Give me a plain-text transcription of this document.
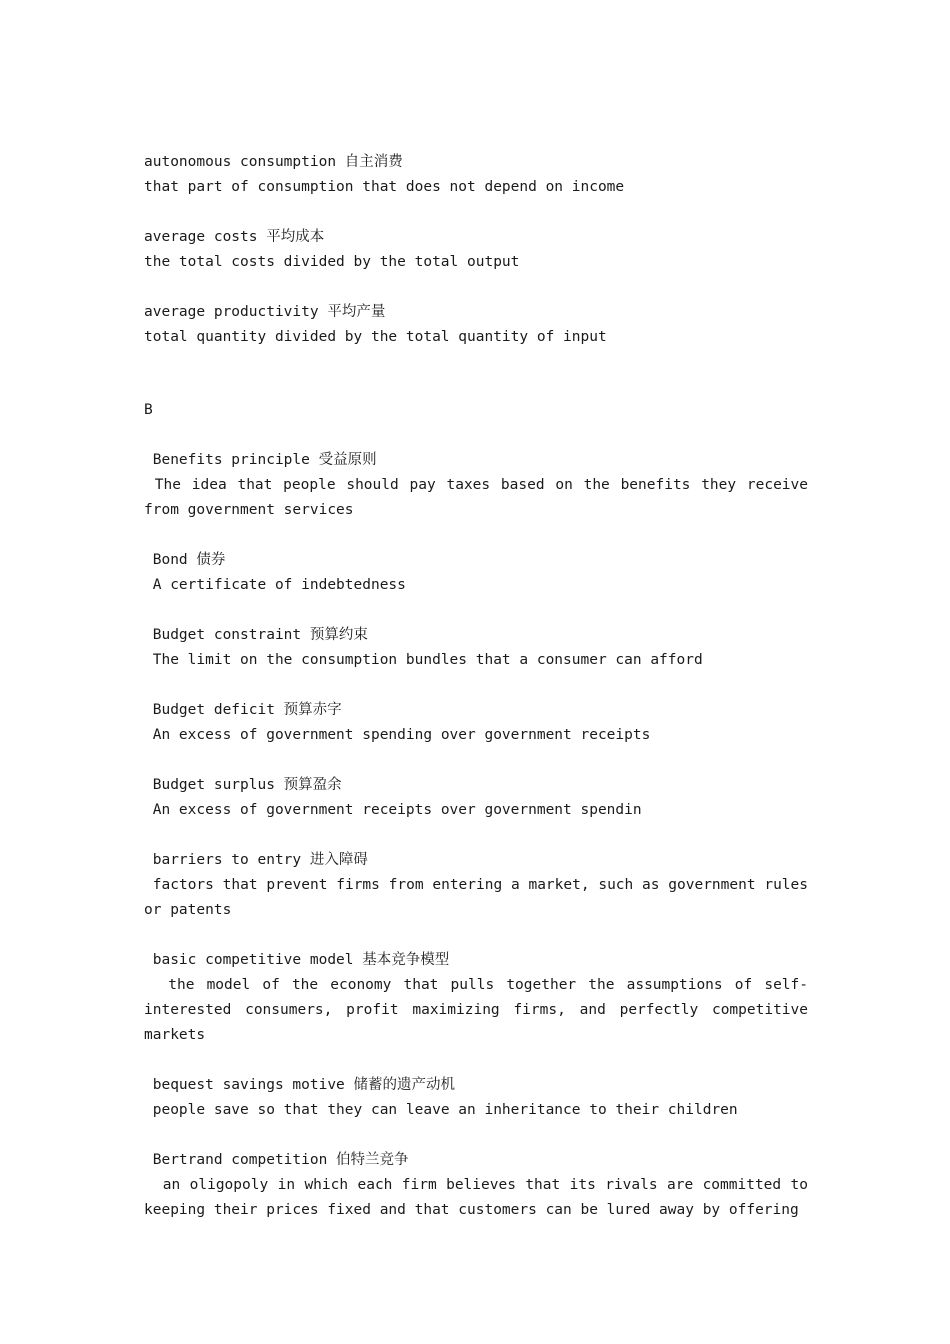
autonomous consumption 自主消费

that part of consumption that does not depend on income

average costs 平均成本

the total costs divided by the total output

average productivity 平均产量

total quantity divided by the total quantity of input

B

Benefits principle 受益原则

The idea that people should pay taxes based on the benefits they receive from government services

Bond 债券

A certificate of indebtedness

Budget constraint 预算约束

The limit on the consumption bundles that a consumer can afford

Budget deficit 预算赤字

An excess of government spending over government receipts

Budget surplus 预算盈余

An excess of government receipts over government spendin

barriers to entry 进入障碍

factors that prevent firms from entering a market, such as government rules or patents

basic competitive model 基本竞争模型

the model of the economy that pulls together the assumptions of self-interested consumers, profit maximizing firms, and perfectly competitive markets

bequest savings motive 储蓄的遗产动机

people save so that they can leave an inheritance to their children

Bertrand competition 伯特兰竞争

an oligopoly in which each firm believes that its rivals are committed to keeping their prices fixed and that customers can be lured away by offering
